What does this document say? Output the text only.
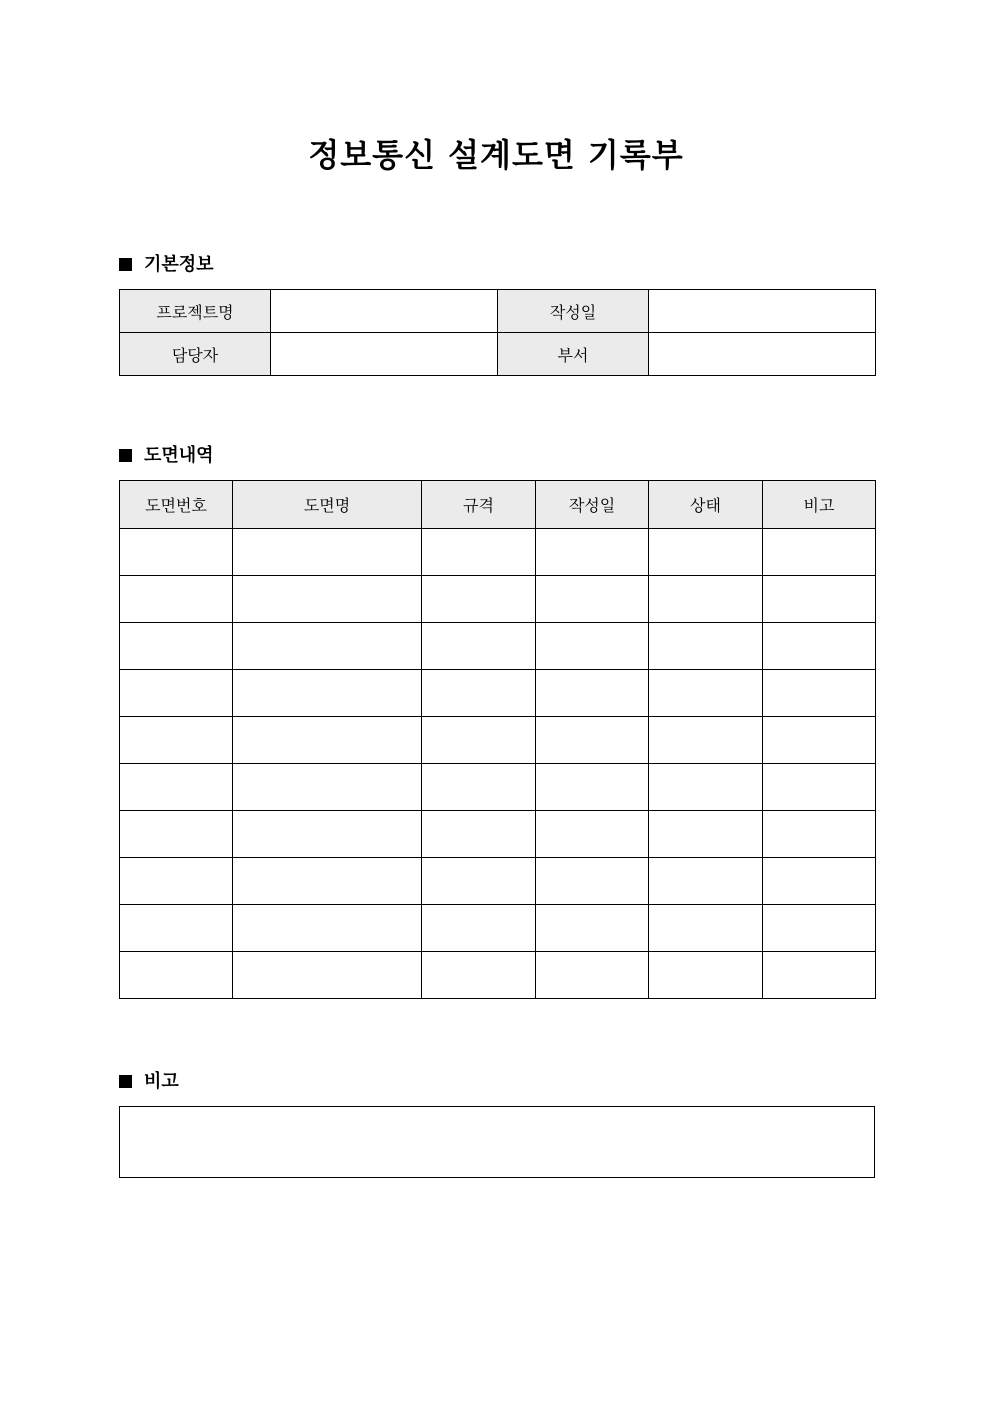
정보통신 설계도면 기록부
기본정보
프로젝트명		작성일	
담당자		부서	
도면내역
도면번호	도면명	규격	작성일	상태	비고

비고
